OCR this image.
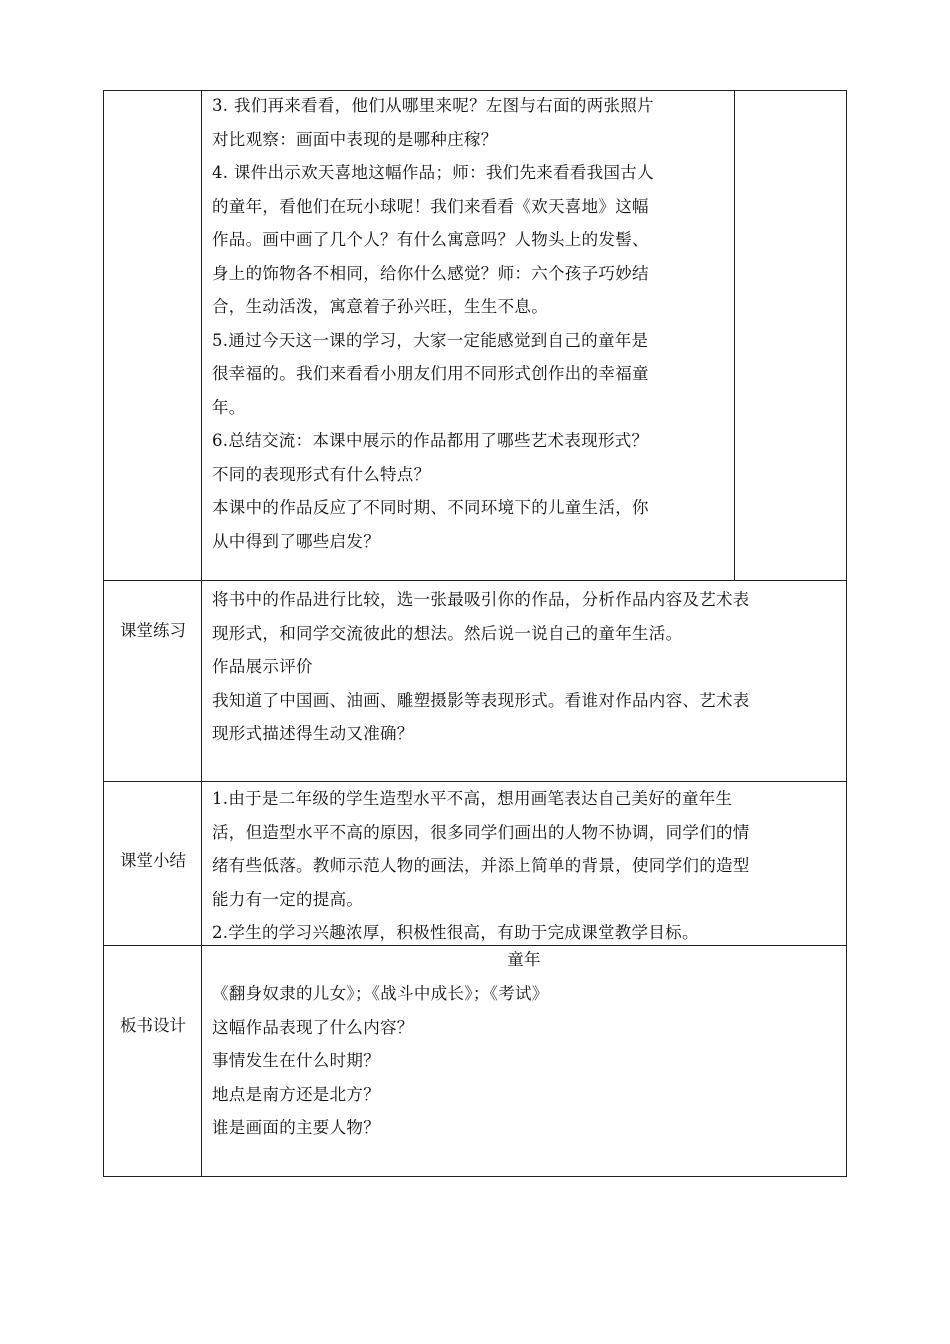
3. 我们再来看看，他们从哪里来呢？左图与右面的两张照片

对比观察：画面中表现的是哪种庄稼？

4. 课件出示欢天喜地这幅作品；师：我们先来看看我国古人

的童年，看他们在玩小球呢！我们来看看《欢天喜地》这幅

作品。画中画了几个人？有什么寓意吗？人物头上的发髻、

身上的饰物各不相同，给你什么感觉？师：六个孩子巧妙结

合，生动活泼，寓意着子孙兴旺，生生不息。

5.通过今天这一课的学习，大家一定能感觉到自己的童年是

很幸福的。我们来看看小朋友们用不同形式创作出的幸福童

年。

6.总结交流：本课中展示的作品都用了哪些艺术表现形式？

不同的表现形式有什么特点？

本课中的作品反应了不同时期、不同环境下的儿童生活，你

从中得到了哪些启发？

课堂练习

将书中的作品进行比较，选一张最吸引你的作品，分析作品内容及艺术表

现形式，和同学交流彼此的想法。然后说一说自己的童年生活。

作品展示评价

我知道了中国画、油画、雕塑摄影等表现形式。看谁对作品内容、艺术表

现形式描述得生动又准确？

课堂小结

1.由于是二年级的学生造型水平不高，想用画笔表达自己美好的童年生

活，但造型水平不高的原因，很多同学们画出的人物不协调，同学们的情

绪有些低落。教师示范人物的画法，并添上简单的背景，使同学们的造型

能力有一定的提高。

2.学生的学习兴趣浓厚，积极性很高，有助于完成课堂教学目标。

板书设计
童年

《翻身奴隶的儿女》；《战斗中成长》；《考试》

这幅作品表现了什么内容？

事情发生在什么时期？

地点是南方还是北方？

谁是画面的主要人物？
